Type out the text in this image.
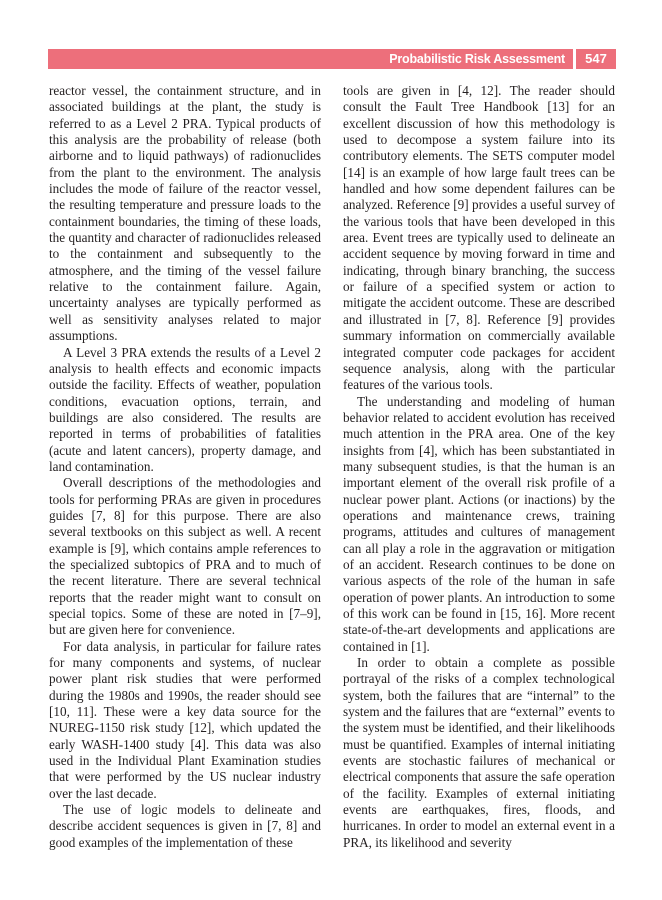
Probabilistic Risk Assessment	547

reactor vessel, the containment structure, and in associated buildings at the plant, the study is referred to as a Level 2 PRA. Typical products of this analysis are the probability of release (both airborne and to liquid pathways) of radionuclides from the plant to the environment. The analysis includes the mode of failure of the reactor vessel, the resulting temperature and pressure loads to the containment boundaries, the timing of these loads, the quantity and character of radionuclides released to the containment and subsequently to the atmosphere, and the timing of the vessel failure relative to the containment failure. Again, uncertainty analyses are typically performed as well as sensitivity analyses related to major assumptions.

A Level 3 PRA extends the results of a Level 2 analysis to health effects and economic impacts outside the facility. Effects of weather, population conditions, evacuation options, terrain, and buildings are also considered. The results are reported in terms of probabilities of fatalities (acute and latent cancers), property damage, and land contamination.

Overall descriptions of the methodologies and tools for performing PRAs are given in procedures guides [7, 8] for this purpose. There are also several textbooks on this subject as well. A recent example is [9], which contains ample references to the specialized subtopics of PRA and to much of the recent literature. There are several technical reports that the reader might want to consult on special topics. Some of these are noted in [7–9], but are given here for convenience.

For data analysis, in particular for failure rates for many components and systems, of nuclear power plant risk studies that were performed during the 1980s and 1990s, the reader should see [10, 11]. These were a key data source for the NUREG-1150 risk study [12], which updated the early WASH-1400 study [4]. This data was also used in the Individual Plant Examination studies that were performed by the US nuclear industry over the last decade.

The use of logic models to delineate and describe accident sequences is given in [7, 8] and good examples of the implementation of these

tools are given in [4, 12]. The reader should consult the Fault Tree Handbook [13] for an excellent discussion of how this methodology is used to decompose a system failure into its contributory elements. The SETS computer model [14] is an example of how large fault trees can be handled and how some dependent failures can be analyzed. Reference [9] provides a useful survey of the various tools that have been developed in this area. Event trees are typically used to delineate an accident sequence by moving forward in time and indicating, through binary branching, the success or failure of a specified system or action to mitigate the accident outcome. These are described and illustrated in [7, 8]. Reference [9] provides summary information on commercially available integrated computer code packages for accident sequence analysis, along with the particular features of the various tools.

The understanding and modeling of human behavior related to accident evolution has received much attention in the PRA area. One of the key insights from [4], which has been substantiated in many subsequent studies, is that the human is an important element of the overall risk profile of a nuclear power plant. Actions (or inactions) by the operations and maintenance crews, training programs, attitudes and cultures of management can all play a role in the aggravation or mitigation of an accident. Research continues to be done on various aspects of the role of the human in safe operation of power plants. An introduction to some of this work can be found in [15, 16]. More recent state-of-the-art developments and applications are contained in [1].

In order to obtain a complete as possible portrayal of the risks of a complex technological system, both the failures that are “internal” to the system and the failures that are “external” events to the system must be identified, and their likelihoods must be quantified. Examples of internal initiating events are stochastic failures of mechanical or electrical components that assure the safe operation of the facility. Examples of external initiating events are earthquakes, fires, floods, and hurricanes. In order to model an external event in a PRA, its likelihood and severity
